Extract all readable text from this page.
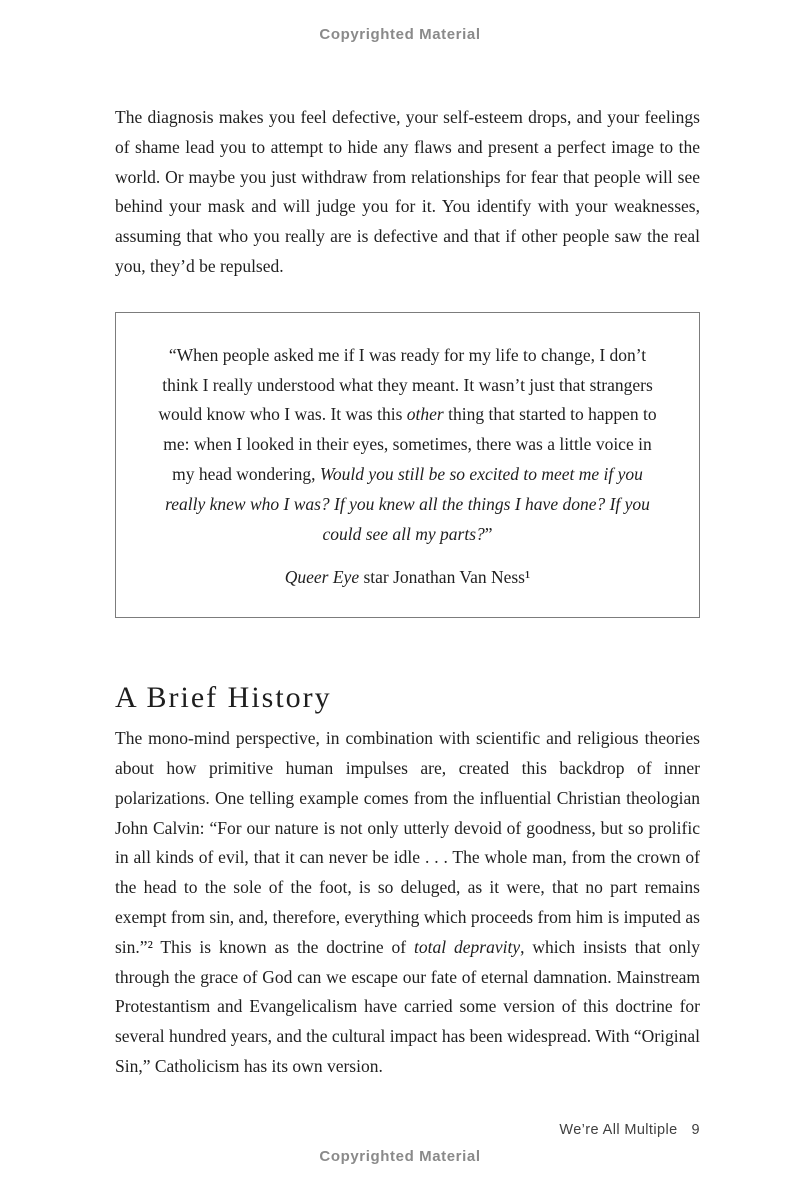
Copyrighted Material

The diagnosis makes you feel defective, your self-esteem drops, and your feelings of shame lead you to attempt to hide any flaws and present a perfect image to the world. Or maybe you just withdraw from relationships for fear that people will see behind your mask and will judge you for it. You identify with your weaknesses, assuming that who you really are is defective and that if other people saw the real you, they’d be repulsed.

“When people asked me if I was ready for my life to change, I don’t think I really understood what they meant. It wasn’t just that strangers would know who I was. It was this other thing that started to happen to me: when I looked in their eyes, sometimes, there was a little voice in my head wondering, Would you still be so excited to meet me if you really knew who I was? If you knew all the things I have done? If you could see all my parts?”

Queer Eye star Jonathan Van Ness¹

A Brief History

The mono-mind perspective, in combination with scientific and religious theories about how primitive human impulses are, created this backdrop of inner polarizations. One telling example comes from the influential Christian theologian John Calvin: “For our nature is not only utterly devoid of goodness, but so prolific in all kinds of evil, that it can never be idle . . . The whole man, from the crown of the head to the sole of the foot, is so deluged, as it were, that no part remains exempt from sin, and, therefore, everything which proceeds from him is imputed as sin.”² This is known as the doctrine of total depravity, which insists that only through the grace of God can we escape our fate of eternal damnation. Mainstream Protestantism and Evangelicalism have carried some version of this doctrine for several hundred years, and the cultural impact has been widespread. With “Original Sin,” Catholicism has its own version.

We’re All Multiple 9
Copyrighted Material
